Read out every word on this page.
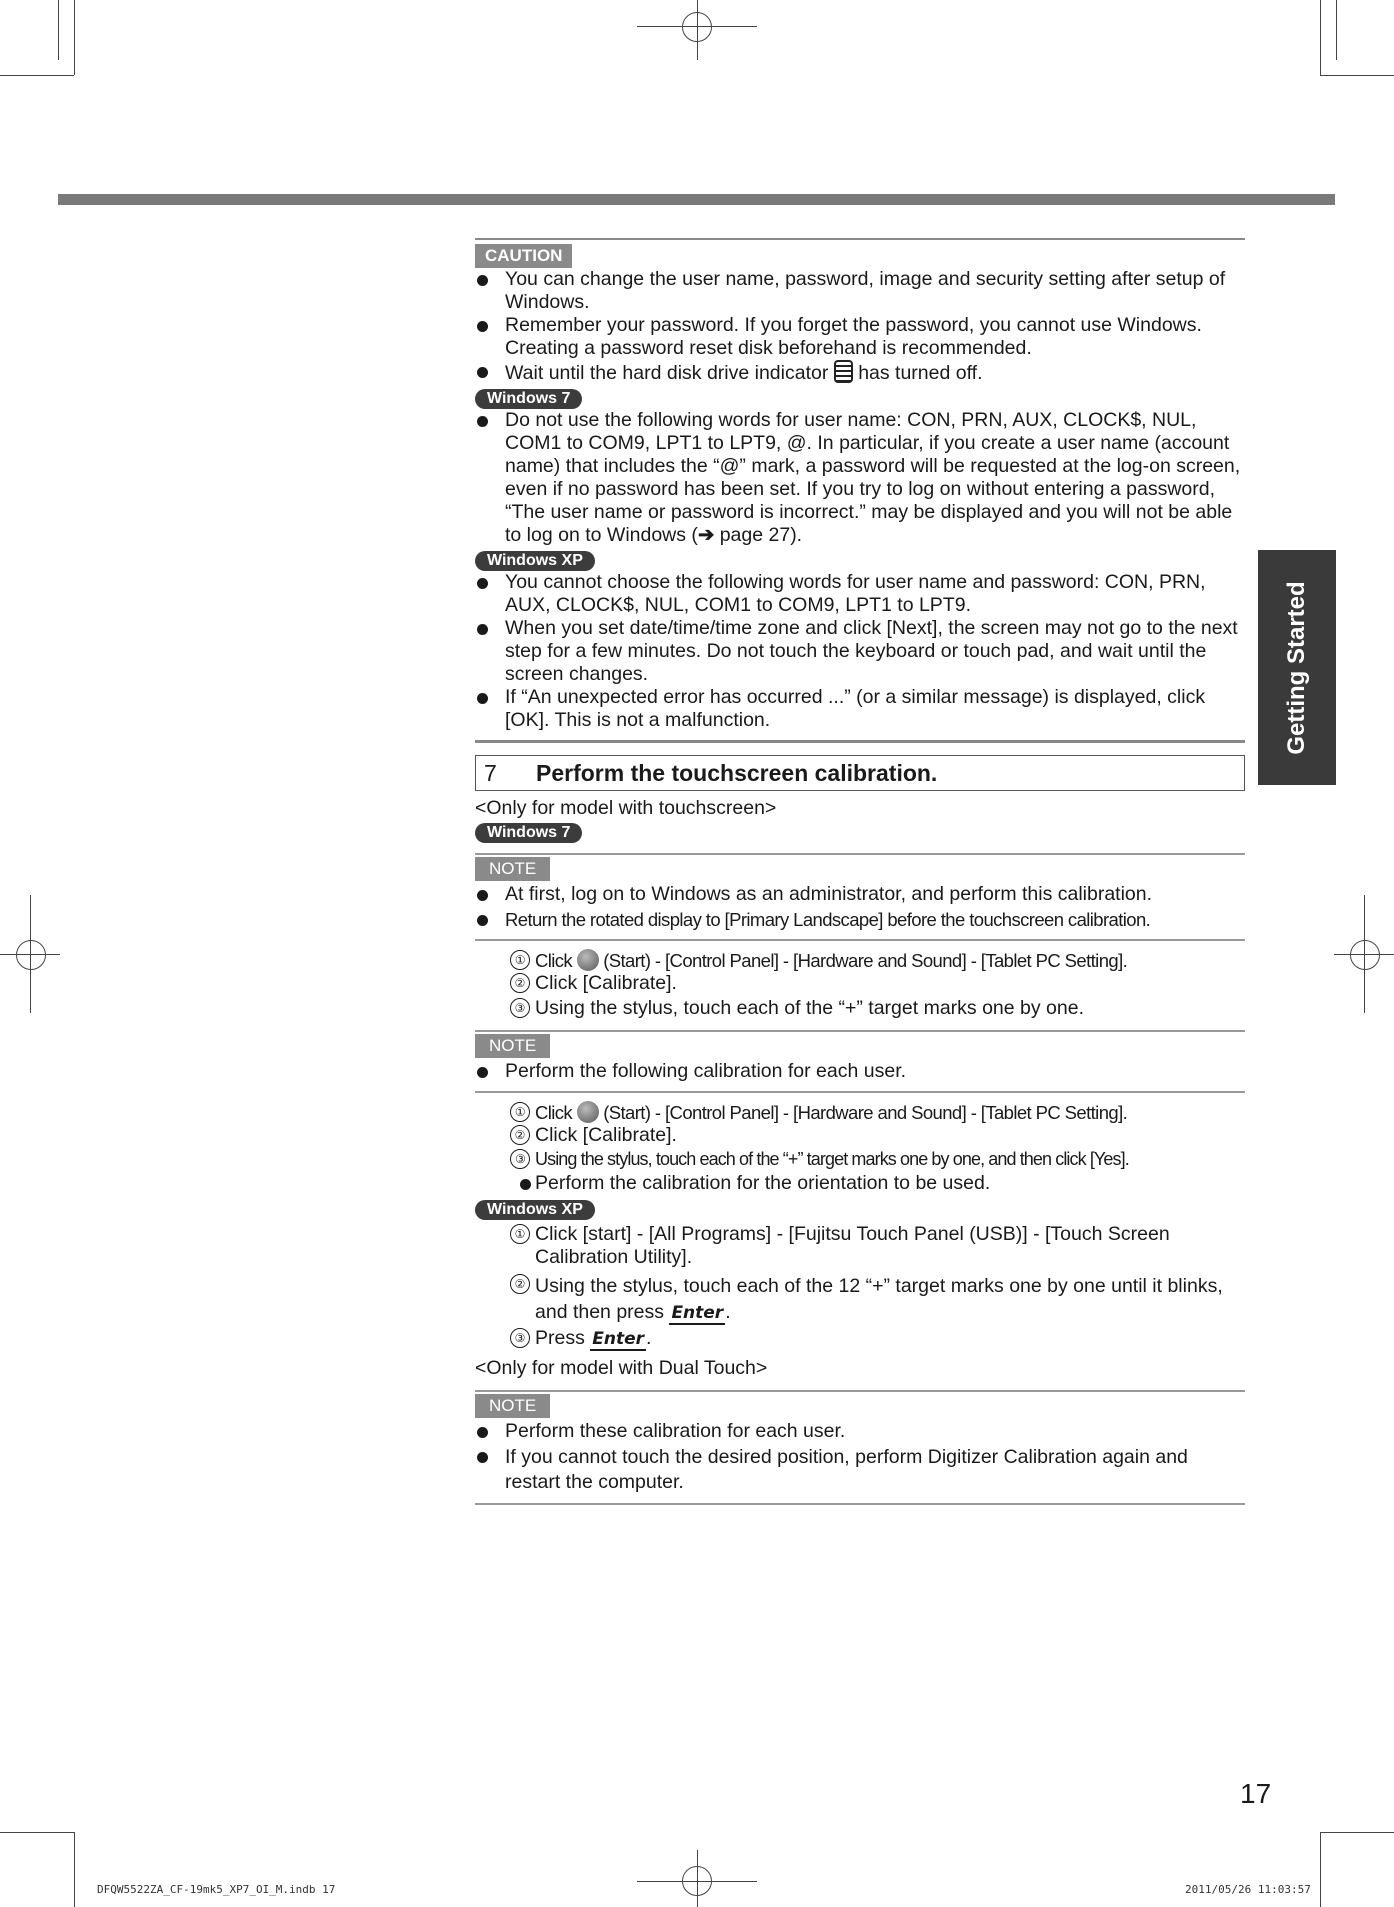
Getting Started
CAUTION
You can change the user name, password, image and security setting after setup of Windows.
Remember your password. If you forget the password, you cannot use Windows. Creating a password reset disk beforehand is recommended.
Wait until the hard disk drive indicator has turned off.
Windows 7
Do not use the following words for user name: CON, PRN, AUX, CLOCK$, NUL, COM1 to COM9, LPT1 to LPT9, @. In particular, if you create a user name (account name) that includes the “@” mark, a password will be requested at the log-on screen, even if no password has been set. If you try to log on without entering a password, “The user name or password is incorrect.” may be displayed and you will not be able to log on to Windows (➔ page 27).
Windows XP
You cannot choose the following words for user name and password: CON, PRN, AUX, CLOCK$, NUL, COM1 to COM9, LPT1 to LPT9.
When you set date/time/time zone and click [Next], the screen may not go to the next step for a few minutes. Do not touch the keyboard or touch pad, and wait until the screen changes.
If “An unexpected error has occurred ...” (or a similar message) is displayed, click [OK]. This is not a malfunction.
7 Perform the touchscreen calibration.
<Only for model with touchscreen>
Windows 7
NOTE
At first, log on to Windows as an administrator, and perform this calibration.
Return the rotated display to [Primary Landscape] before the touchscreen calibration.
① Click (Start) - [Control Panel] - [Hardware and Sound] - [Tablet PC Setting].
② Click [Calibrate].
③ Using the stylus, touch each of the “+” target marks one by one.
NOTE
Perform the following calibration for each user.
① Click (Start) - [Control Panel] - [Hardware and Sound] - [Tablet PC Setting].
② Click [Calibrate].
③ Using the stylus, touch each of the “+” target marks one by one, and then click [Yes].
Perform the calibration for the orientation to be used.
Windows XP
① Click [start] - [All Programs] - [Fujitsu Touch Panel (USB)] - [Touch Screen Calibration Utility].
② Using the stylus, touch each of the 12 “+” target marks one by one until it blinks, and then press Enter .
③ Press Enter .
<Only for model with Dual Touch>
NOTE
Perform these calibration for each user.
If you cannot touch the desired position, perform Digitizer Calibration again and restart the computer.
17
DFQW5522ZA_CF-19mk5_XP7_OI_M.indb 17	2011/05/26 11:03:57
